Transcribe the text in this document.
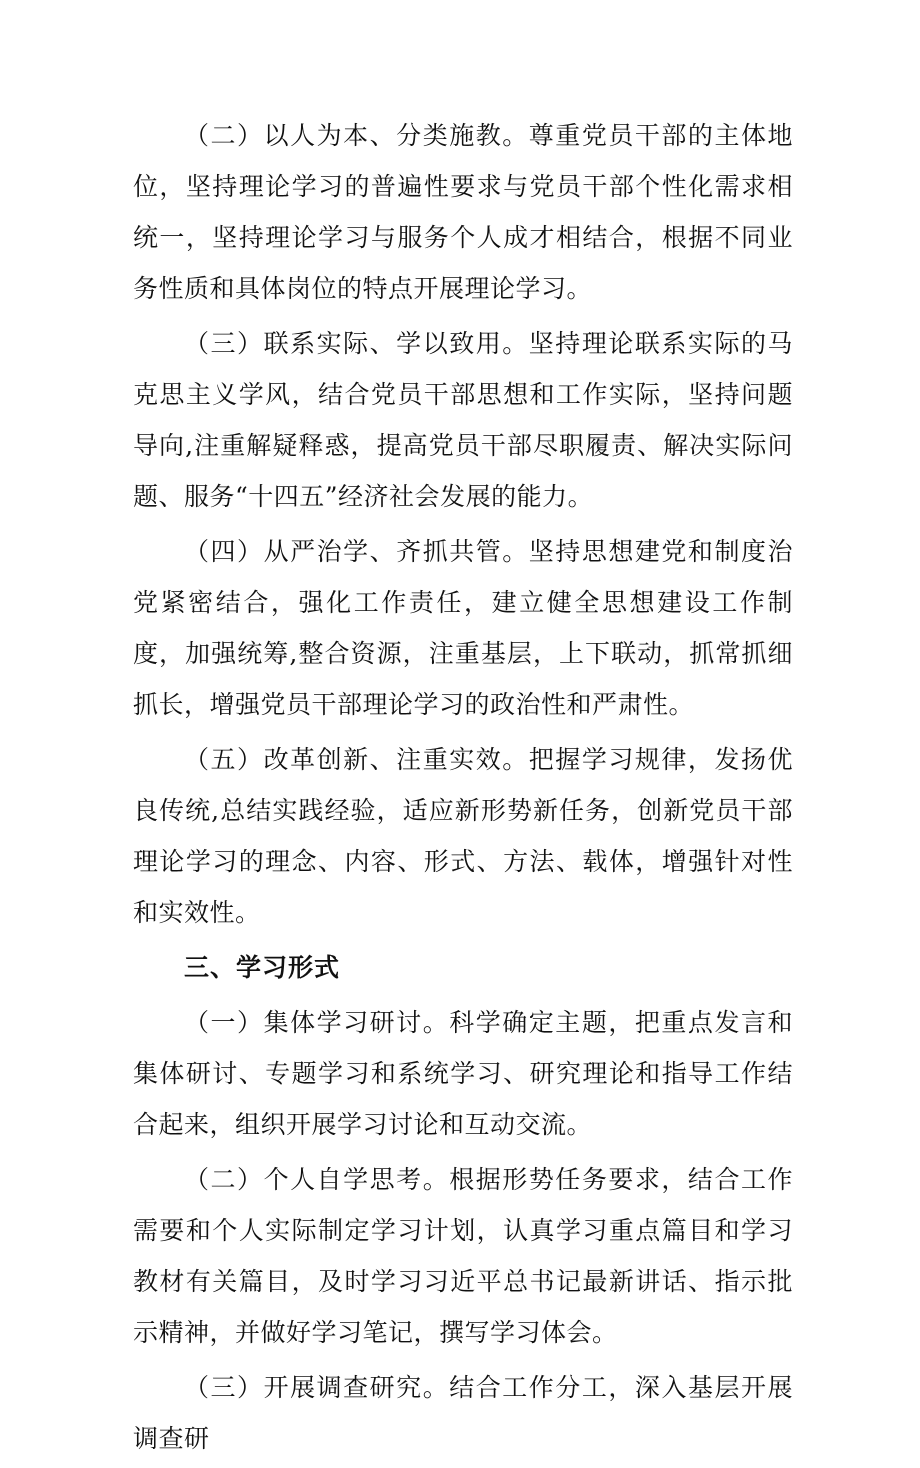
（二）以人为本、分类施教。尊重党员干部的主体地位，坚持理论学习的普遍性要求与党员干部个性化需求相统一，坚持理论学习与服务个人成才相结合，根据不同业务性质和具体岗位的特点开展理论学习。

（三）联系实际、学以致用。坚持理论联系实际的马克思主义学风，结合党员干部思想和工作实际，坚持问题导向,注重解疑释惑，提高党员干部尽职履责、解决实际问题、服务“十四五”经济社会发展的能力。

（四）从严治学、齐抓共管。坚持思想建党和制度治党紧密结合，强化工作责任，建立健全思想建设工作制度，加强统筹,整合资源，注重基层，上下联动，抓常抓细抓长，增强党员干部理论学习的政治性和严肃性。

（五）改革创新、注重实效。把握学习规律，发扬优良传统,总结实践经验，适应新形势新任务，创新党员干部理论学习的理念、内容、形式、方法、载体，增强针对性和实效性。

三、学习形式

（一）集体学习研讨。科学确定主题，把重点发言和集体研讨、专题学习和系统学习、研究理论和指导工作结合起来，组织开展学习讨论和互动交流。

（二）个人自学思考。根据形势任务要求，结合工作需要和个人实际制定学习计划，认真学习重点篇目和学习教材有关篇目，及时学习习近平总书记最新讲话、指示批示精神，并做好学习笔记，撰写学习体会。

（三）开展调查研究。结合工作分工，深入基层开展调查研
